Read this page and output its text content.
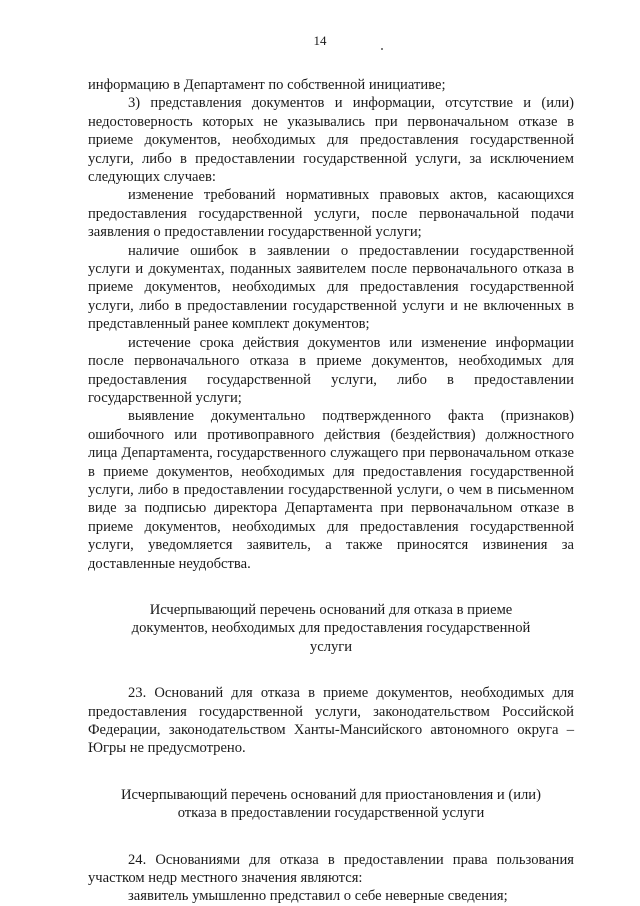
14

информацию в Департамент по собственной инициативе;

3) представления документов и информации, отсутствие и (или) недостоверность которых не указывались при первоначальном отказе в приеме документов, необходимых для предоставления государственной услуги, либо в предоставлении государственной услуги, за исключением следующих случаев:

изменение требований нормативных правовых актов, касающихся предоставления государственной услуги, после первоначальной подачи заявления о предоставлении государственной услуги;

наличие ошибок в заявлении о предоставлении государственной услуги и документах, поданных заявителем после первоначального отказа в приеме документов, необходимых для предоставления государственной услуги, либо в предоставлении государственной услуги и не включенных в представленный ранее комплект документов;

истечение срока действия документов или изменение информации после первоначального отказа в приеме документов, необходимых для предоставления государственной услуги, либо в предоставлении государственной услуги;

выявление документально подтвержденного факта (признаков) ошибочного или противоправного действия (бездействия) должностного лица Департамента, государственного служащего при первоначальном отказе в приеме документов, необходимых для предоставления государственной услуги, либо в предоставлении государственной услуги, о чем в письменном виде за подписью директора Департамента при первоначальном отказе в приеме документов, необходимых для предоставления государственной услуги, уведомляется заявитель, а также приносятся извинения за доставленные неудобства.

Исчерпывающий перечень оснований для отказа в приеме документов, необходимых для предоставления государственной услуги

23. Оснований для отказа в приеме документов, необходимых для предоставления государственной услуги, законодательством Российской Федерации, законодательством Ханты-Мансийского автономного округа – Югры не предусмотрено.

Исчерпывающий перечень оснований для приостановления и (или) отказа в предоставлении государственной услуги

24. Основаниями для отказа в предоставлении права пользования участком недр местного значения являются:

заявитель умышленно представил о себе неверные сведения;
